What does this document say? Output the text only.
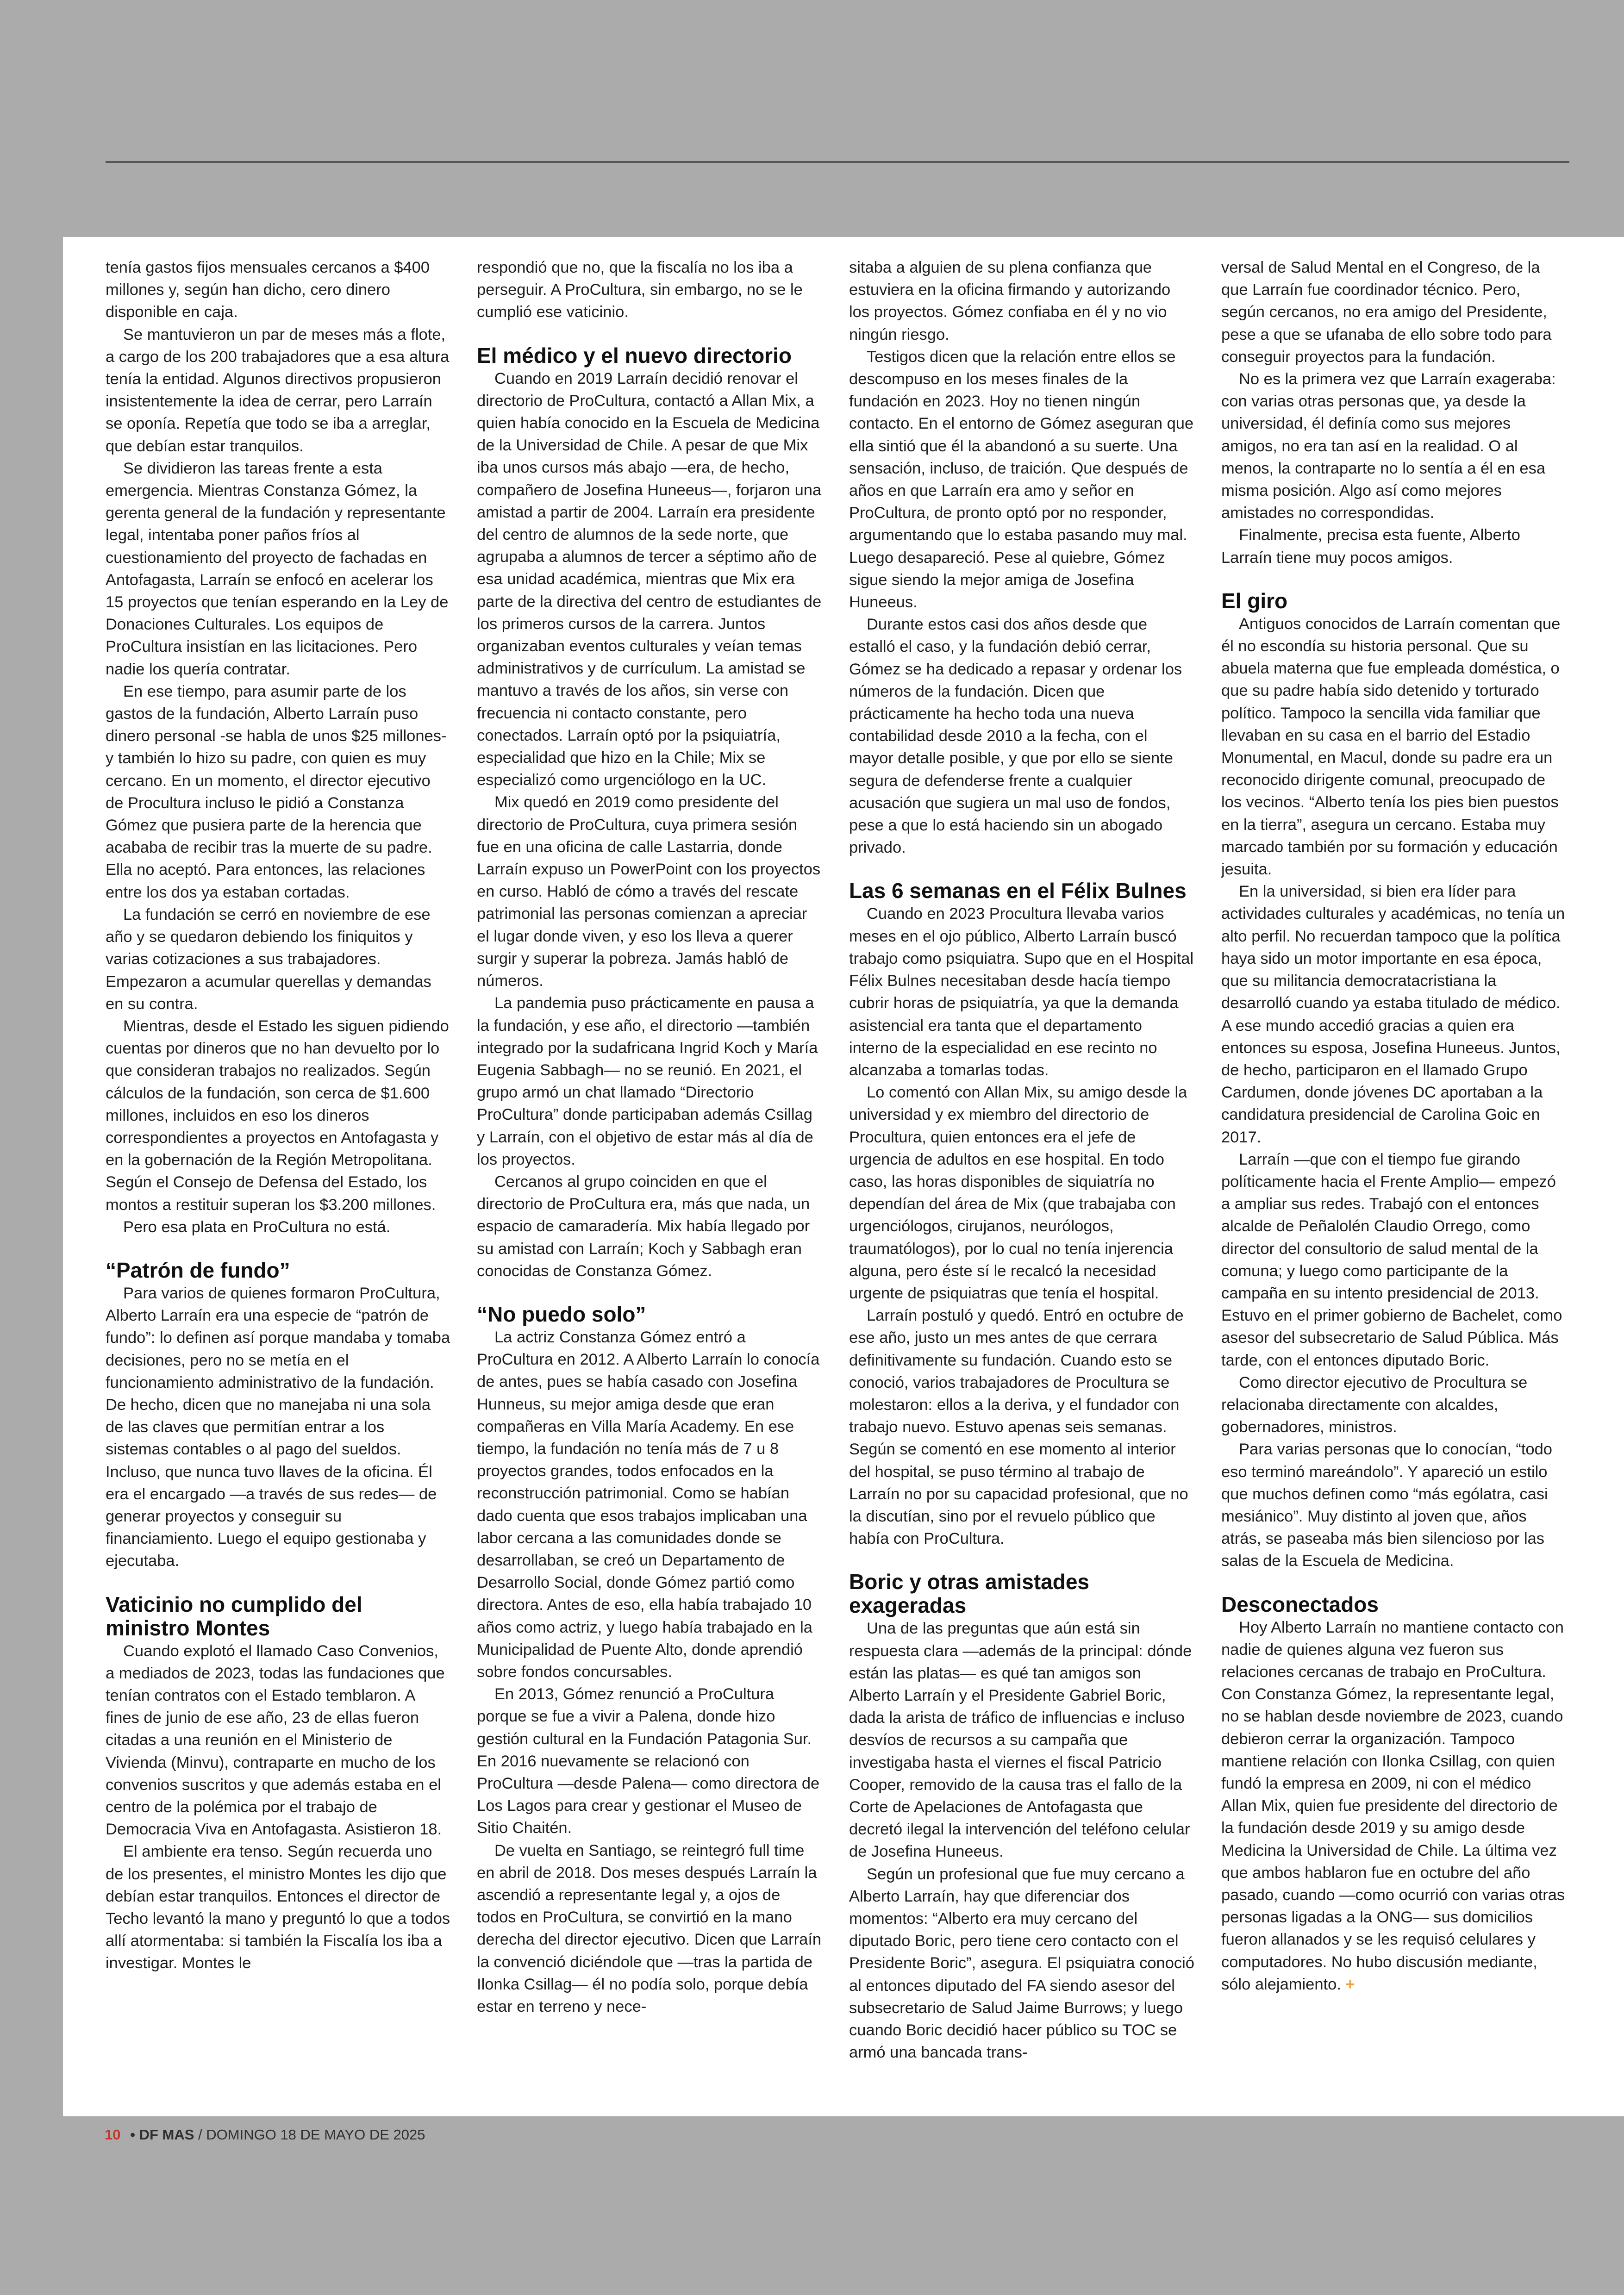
tenía gastos fijos mensuales cercanos a $400 millones y, según han dicho, cero dinero disponible en caja.

Se mantuvieron un par de meses más a flote, a cargo de los 200 trabajadores que a esa altura tenía la entidad. Algunos directivos propusieron insistentemente la idea de cerrar, pero Larraín se oponía. Repetía que todo se iba a arreglar, que debían estar tranquilos.

Se dividieron las tareas frente a esta emergencia. Mientras Constanza Gómez, la gerenta general de la fundación y representante legal, intentaba poner paños fríos al cuestionamiento del proyecto de fachadas en Antofagasta, Larraín se enfocó en acelerar los 15 proyectos que tenían esperando en la Ley de Donaciones Culturales. Los equipos de ProCultura insistían en las licitaciones. Pero nadie los quería contratar.

En ese tiempo, para asumir parte de los gastos de la fundación, Alberto Larraín puso dinero personal -se habla de unos $25 millones- y también lo hizo su padre, con quien es muy cercano. En un momento, el director ejecutivo de Procultura incluso le pidió a Constanza Gómez que pusiera parte de la herencia que acababa de recibir tras la muerte de su padre. Ella no aceptó. Para entonces, las relaciones entre los dos ya estaban cortadas.

La fundación se cerró en noviembre de ese año y se quedaron debiendo los finiquitos y varias cotizaciones a sus trabajadores. Empezaron a acumular querellas y demandas en su contra.

Mientras, desde el Estado les siguen pidiendo cuentas por dineros que no han devuelto por lo que consideran trabajos no realizados. Según cálculos de la fundación, son cerca de $1.600 millones, incluidos en eso los dineros correspondientes a proyectos en Antofagasta y en la gobernación de la Región Metropolitana. Según el Consejo de Defensa del Estado, los montos a restituir superan los $3.200 millones.

Pero esa plata en ProCultura no está.

“Patrón de fundo”

Para varios de quienes formaron ProCultura, Alberto Larraín era una especie de “patrón de fundo”: lo definen así porque mandaba y tomaba decisiones, pero no se metía en el funcionamiento administrativo de la fundación. De hecho, dicen que no manejaba ni una sola de las claves que permitían entrar a los sistemas contables o al pago del sueldos. Incluso, que nunca tuvo llaves de la oficina. Él era el encargado —a través de sus redes— de generar proyectos y conseguir su financiamiento. Luego el equipo gestionaba y ejecutaba.

Vaticinio no cumplido del ministro Montes

Cuando explotó el llamado Caso Convenios, a mediados de 2023, todas las fundaciones que tenían contratos con el Estado temblaron. A fines de junio de ese año, 23 de ellas fueron citadas a una reunión en el Ministerio de Vivienda (Minvu), contraparte en mucho de los convenios suscritos y que además estaba en el centro de la polémica por el trabajo de Democracia Viva en Antofagasta. Asistieron 18.

El ambiente era tenso. Según recuerda uno de los presentes, el ministro Montes les dijo que debían estar tranquilos. Entonces el director de Techo levantó la mano y preguntó lo que a todos allí atormentaba: si también la Fiscalía los iba a investigar. Montes le

respondió que no, que la fiscalía no los iba a perseguir. A ProCultura, sin embargo, no se le cumplió ese vaticinio.

El médico y el nuevo directorio

Cuando en 2019 Larraín decidió renovar el directorio de ProCultura, contactó a Allan Mix, a quien había conocido en la Escuela de Medicina de la Universidad de Chile. A pesar de que Mix iba unos cursos más abajo —era, de hecho, compañero de Josefina Huneeus—, forjaron una amistad a partir de 2004. Larraín era presidente del centro de alumnos de la sede norte, que agrupaba a alumnos de tercer a séptimo año de esa unidad académica, mientras que Mix era parte de la directiva del centro de estudiantes de los primeros cursos de la carrera. Juntos organizaban eventos culturales y veían temas administrativos y de currículum. La amistad se mantuvo a través de los años, sin verse con frecuencia ni contacto constante, pero conectados. Larraín optó por la psiquiatría, especialidad que hizo en la Chile; Mix se especializó como urgenciólogo en la UC.

Mix quedó en 2019 como presidente del directorio de ProCultura, cuya primera sesión fue en una oficina de calle Lastarria, donde Larraín expuso un PowerPoint con los proyectos en curso. Habló de cómo a través del rescate patrimonial las personas comienzan a apreciar el lugar donde viven, y eso los lleva a querer surgir y superar la pobreza. Jamás habló de números.

La pandemia puso prácticamente en pausa a la fundación, y ese año, el directorio —también integrado por la sudafricana Ingrid Koch y María Eugenia Sabbagh— no se reunió. En 2021, el grupo armó un chat llamado “Directorio ProCultura” donde participaban además Csillag y Larraín, con el objetivo de estar más al día de los proyectos.

Cercanos al grupo coinciden en que el directorio de ProCultura era, más que nada, un espacio de camaradería. Mix había llegado por su amistad con Larraín; Koch y Sabbagh eran conocidas de Constanza Gómez.

“No puedo solo”

La actriz Constanza Gómez entró a ProCultura en 2012. A Alberto Larraín lo conocía de antes, pues se había casado con Josefina Hunneus, su mejor amiga desde que eran compañeras en Villa María Academy. En ese tiempo, la fundación no tenía más de 7 u 8 proyectos grandes, todos enfocados en la reconstrucción patrimonial. Como se habían dado cuenta que esos trabajos implicaban una labor cercana a las comunidades donde se desarrollaban, se creó un Departamento de Desarrollo Social, donde Gómez partió como directora. Antes de eso, ella había trabajado 10 años como actriz, y luego había trabajado en la Municipalidad de Puente Alto, donde aprendió sobre fondos concursables.

En 2013, Gómez renunció a ProCultura porque se fue a vivir a Palena, donde hizo gestión cultural en la Fundación Patagonia Sur. En 2016 nuevamente se relacionó con ProCultura —desde Palena— como directora de Los Lagos para crear y gestionar el Museo de Sitio Chaitén.

De vuelta en Santiago, se reintegró full time en abril de 2018. Dos meses después Larraín la ascendió a representante legal y, a ojos de todos en ProCultura, se convirtió en la mano derecha del director ejecutivo. Dicen que Larraín la convenció diciéndole que —tras la partida de Ilonka Csillag— él no podía solo, porque debía estar en terreno y nece-

sitaba a alguien de su plena confianza que estuviera en la oficina firmando y autorizando los proyectos. Gómez confiaba en él y no vio ningún riesgo.

Testigos dicen que la relación entre ellos se descompuso en los meses finales de la fundación en 2023. Hoy no tienen ningún contacto. En el entorno de Gómez aseguran que ella sintió que él la abandonó a su suerte. Una sensación, incluso, de traición. Que después de años en que Larraín era amo y señor en ProCultura, de pronto optó por no responder, argumentando que lo estaba pasando muy mal. Luego desapareció. Pese al quiebre, Gómez sigue siendo la mejor amiga de Josefina Huneeus.

Durante estos casi dos años desde que estalló el caso, y la fundación debió cerrar, Gómez se ha dedicado a repasar y ordenar los números de la fundación. Dicen que prácticamente ha hecho toda una nueva contabilidad desde 2010 a la fecha, con el mayor detalle posible, y que por ello se siente segura de defenderse frente a cualquier acusación que sugiera un mal uso de fondos, pese a que lo está haciendo sin un abogado privado.

Las 6 semanas en el Félix Bulnes

Cuando en 2023 Procultura llevaba varios meses en el ojo público, Alberto Larraín buscó trabajo como psiquiatra. Supo que en el Hospital Félix Bulnes necesitaban desde hacía tiempo cubrir horas de psiquiatría, ya que la demanda asistencial era tanta que el departamento interno de la especialidad en ese recinto no alcanzaba a tomarlas todas.

Lo comentó con Allan Mix, su amigo desde la universidad y ex miembro del directorio de Procultura, quien entonces era el jefe de urgencia de adultos en ese hospital. En todo caso, las horas disponibles de siquiatría no dependían del área de Mix (que trabajaba con urgenciólogos, cirujanos, neurólogos, traumatólogos), por lo cual no tenía injerencia alguna, pero éste sí le recalcó la necesidad urgente de psiquiatras que tenía el hospital.

Larraín postuló y quedó. Entró en octubre de ese año, justo un mes antes de que cerrara definitivamente su fundación. Cuando esto se conoció, varios trabajadores de Procultura se molestaron: ellos a la deriva, y el fundador con trabajo nuevo. Estuvo apenas seis semanas. Según se comentó en ese momento al interior del hospital, se puso término al trabajo de Larraín no por su capacidad profesional, que no la discutían, sino por el revuelo público que había con ProCultura.

Boric y otras amistades exageradas

Una de las preguntas que aún está sin respuesta clara —además de la principal: dónde están las platas— es qué tan amigos son Alberto Larraín y el Presidente Gabriel Boric, dada la arista de tráfico de influencias e incluso desvíos de recursos a su campaña que investigaba hasta el viernes el fiscal Patricio Cooper, removido de la causa tras el fallo de la Corte de Apelaciones de Antofagasta que decretó ilegal la intervención del teléfono celular de Josefina Huneeus.

Según un profesional que fue muy cercano a Alberto Larraín, hay que diferenciar dos momentos: “Alberto era muy cercano del diputado Boric, pero tiene cero contacto con el Presidente Boric”, asegura. El psiquiatra conoció al entonces diputado del FA siendo asesor del subsecretario de Salud Jaime Burrows; y luego cuando Boric decidió hacer público su TOC se armó una bancada trans-

versal de Salud Mental en el Congreso, de la que Larraín fue coordinador técnico. Pero, según cercanos, no era amigo del Presidente, pese a que se ufanaba de ello sobre todo para conseguir proyectos para la fundación.

No es la primera vez que Larraín exageraba: con varias otras personas que, ya desde la universidad, él definía como sus mejores amigos, no era tan así en la realidad. O al menos, la contraparte no lo sentía a él en esa misma posición. Algo así como mejores amistades no correspondidas.

Finalmente, precisa esta fuente, Alberto Larraín tiene muy pocos amigos.

El giro

Antiguos conocidos de Larraín comentan que él no escondía su historia personal. Que su abuela materna que fue empleada doméstica, o que su padre había sido detenido y torturado político. Tampoco la sencilla vida familiar que llevaban en su casa en el barrio del Estadio Monumental, en Macul, donde su padre era un reconocido dirigente comunal, preocupado de los vecinos. “Alberto tenía los pies bien puestos en la tierra”, asegura un cercano. Estaba muy marcado también por su formación y educación jesuita.

En la universidad, si bien era líder para actividades culturales y académicas, no tenía un alto perfil. No recuerdan tampoco que la política haya sido un motor importante en esa época, que su militancia democratacristiana la desarrolló cuando ya estaba titulado de médico. A ese mundo accedió gracias a quien era entonces su esposa, Josefina Huneeus. Juntos, de hecho, participaron en el llamado Grupo Cardumen, donde jóvenes DC aportaban a la candidatura presidencial de Carolina Goic en 2017.

Larraín —que con el tiempo fue girando políticamente hacia el Frente Amplio— empezó a ampliar sus redes. Trabajó con el entonces alcalde de Peñalolén Claudio Orrego, como director del consultorio de salud mental de la comuna; y luego como participante de la campaña en su intento presidencial de 2013. Estuvo en el primer gobierno de Bachelet, como asesor del subsecretario de Salud Pública. Más tarde, con el entonces diputado Boric.

Como director ejecutivo de Procultura se relacionaba directamente con alcaldes, gobernadores, ministros.

Para varias personas que lo conocían, “todo eso terminó mareándolo”. Y apareció un estilo que muchos definen como “más ególatra, casi mesiánico”. Muy distinto al joven que, años atrás, se paseaba más bien silencioso por las salas de la Escuela de Medicina.

Desconectados

Hoy Alberto Larraín no mantiene contacto con nadie de quienes alguna vez fueron sus relaciones cercanas de trabajo en ProCultura. Con Constanza Gómez, la representante legal, no se hablan desde noviembre de 2023, cuando debieron cerrar la organización. Tampoco mantiene relación con Ilonka Csillag, con quien fundó la empresa en 2009, ni con el médico Allan Mix, quien fue presidente del directorio de la fundación desde 2019 y su amigo desde Medicina la Universidad de Chile. La última vez que ambos hablaron fue en octubre del año pasado, cuando —como ocurrió con varias otras personas ligadas a la ONG— sus domicilios fueron allanados y se les requisó celulares y computadores. No hubo discusión mediante, sólo alejamiento. +

10 • DF MAS / DOMINGO 18 DE MAYO DE 2025
